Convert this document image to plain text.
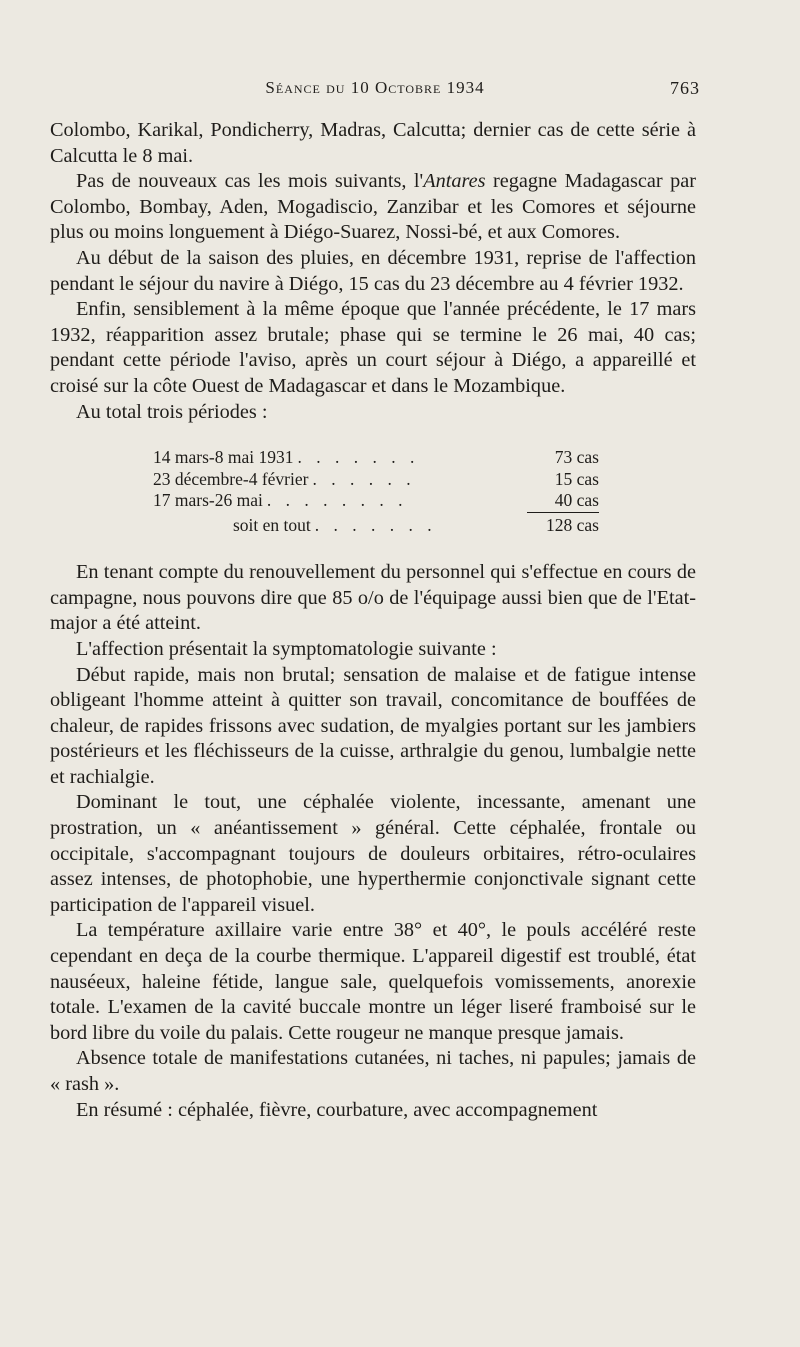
Séance du 10 Octobre 1934	763

Colombo, Karikal, Pondicherry, Madras, Calcutta; dernier cas de cette série à Calcutta le 8 mai.

Pas de nouveaux cas les mois suivants, l'Antares regagne Madagascar par Colombo, Bombay, Aden, Mogadiscio, Zanzibar et les Comores et séjourne plus ou moins longuement à Diégo-Suarez, Nossi-bé, et aux Comores.

Au début de la saison des pluies, en décembre 1931, reprise de l'affection pendant le séjour du navire à Diégo, 15 cas du 23 décembre au 4 février 1932.

Enfin, sensiblement à la même époque que l'année précédente, le 17 mars 1932, réapparition assez brutale; phase qui se termine le 26 mai, 40 cas; pendant cette période l'aviso, après un court séjour à Diégo, a appareillé et croisé sur la côte Ouest de Madagascar et dans le Mozambique.

Au total trois périodes :

14 mars-8 mai 1931 . . . . . . .	73 cas
23 décembre-4 février . . . . . .	15 cas
17 mars-26 mai . . . . . . . .	40 cas
soit en tout . . . . . . .	128 cas

En tenant compte du renouvellement du personnel qui s'effectue en cours de campagne, nous pouvons dire que 85 o/o de l'équipage aussi bien que de l'Etat-major a été atteint.

L'affection présentait la symptomatologie suivante :

Début rapide, mais non brutal; sensation de malaise et de fatigue intense obligeant l'homme atteint à quitter son travail, concomitance de bouffées de chaleur, de rapides frissons avec sudation, de myalgies portant sur les jambiers postérieurs et les fléchisseurs de la cuisse, arthralgie du genou, lumbalgie nette et rachialgie.

Dominant le tout, une céphalée violente, incessante, amenant une prostration, un « anéantissement » général. Cette céphalée, frontale ou occipitale, s'accompagnant toujours de douleurs orbitaires, rétro-oculaires assez intenses, de photophobie, une hyperthermie conjonctivale signant cette participation de l'appareil visuel.

La température axillaire varie entre 38° et 40°, le pouls accéléré reste cependant en deça de la courbe thermique. L'appareil digestif est troublé, état nauséeux, haleine fétide, langue sale, quelquefois vomissements, anorexie totale. L'examen de la cavité buccale montre un léger liseré framboisé sur le bord libre du voile du palais. Cette rougeur ne manque presque jamais.

Absence totale de manifestations cutanées, ni taches, ni papules; jamais de « rash ».

En résumé : céphalée, fièvre, courbature, avec accompagnement
